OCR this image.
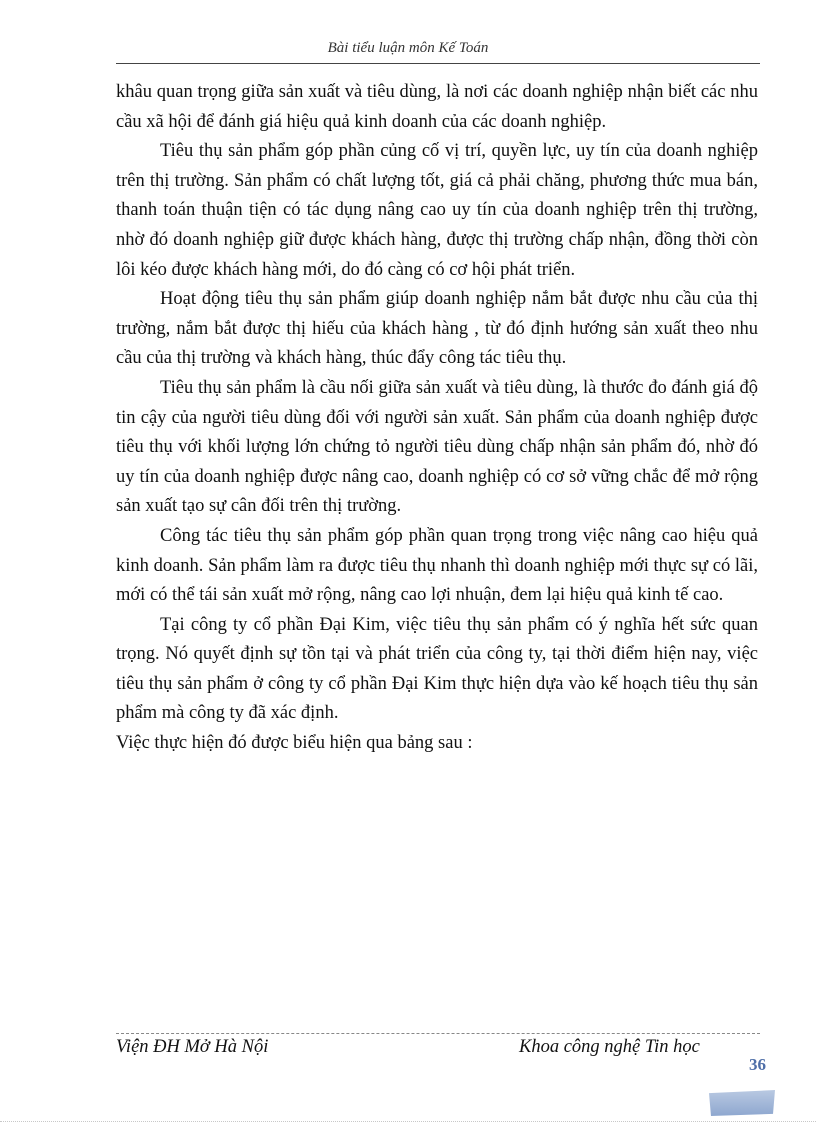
Bài tiểu luận môn Kế Toán

khâu quan trọng giữa sản xuất và tiêu dùng, là nơi các doanh nghiệp nhận biết các nhu cầu xã hội để đánh giá hiệu quả kinh doanh của các doanh nghiệp.

Tiêu thụ sản phẩm góp phần củng cố vị trí, quyền lực, uy tín của doanh nghiệp trên thị trường. Sản phẩm có chất lượng tốt, giá cả phải chăng, phương thức mua bán, thanh toán thuận tiện có tác dụng nâng cao uy tín của doanh nghiệp trên thị trường, nhờ đó doanh nghiệp giữ được khách hàng, được thị trường chấp nhận, đồng thời còn lôi kéo được khách hàng mới, do đó càng có cơ hội phát triển.

Hoạt động tiêu thụ sản phẩm giúp doanh nghiệp nắm bắt được nhu cầu của thị trường, nắm bắt được thị hiếu của khách hàng , từ đó định hướng sản xuất theo nhu cầu của thị trường và khách hàng, thúc đẩy công tác tiêu thụ.

Tiêu thụ sản phẩm là cầu nối giữa sản xuất và tiêu dùng, là thước đo đánh giá độ tin cậy của người tiêu dùng đối với người sản xuất. Sản phẩm của doanh nghiệp được tiêu thụ với khối lượng lớn chứng tỏ người tiêu dùng chấp nhận sản phẩm đó, nhờ đó uy tín của doanh nghiệp được nâng cao, doanh nghiệp có cơ sở vững chắc để mở rộng sản xuất tạo sự cân đối trên thị trường.

Công tác tiêu thụ sản phẩm góp phần quan trọng trong việc nâng cao hiệu quả kinh doanh. Sản phẩm làm ra được tiêu thụ nhanh thì doanh nghiệp mới thực sự có lãi, mới có thể tái sản xuất mở rộng, nâng cao lợi nhuận, đem lại hiệu quả kinh tế cao.

Tại công ty cổ phần Đại Kim, việc tiêu thụ sản phẩm có ý nghĩa hết sức quan trọng. Nó quyết định sự tồn tại và phát triển của công ty, tại thời điểm hiện nay, việc tiêu thụ sản phẩm ở công ty cổ phần Đại Kim thực hiện dựa vào kế hoạch tiêu thụ sản phẩm mà công ty đã xác định.

Việc thực hiện đó được biểu hiện qua bảng sau :

Viện ĐH Mở Hà Nội	Khoa công nghệ Tin học
36
